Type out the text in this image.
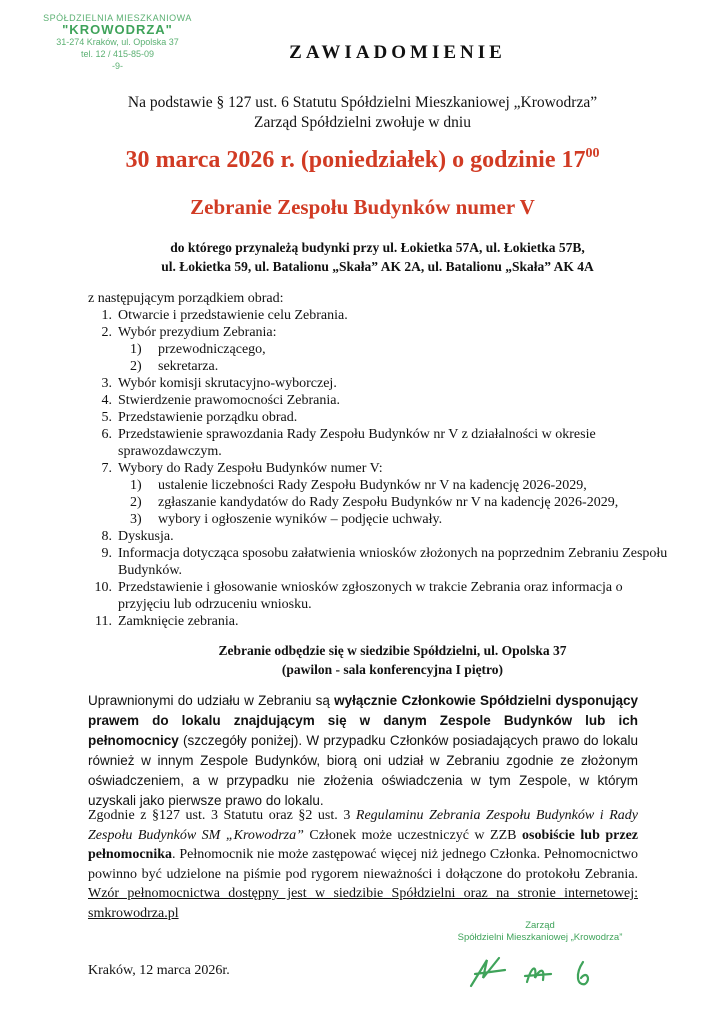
SPÓŁDZIELNIA MIESZKANIOWA
"KROWODRZA"
31-274 Kraków, ul. Opolska 37
tel. 12 / 415-85-09
-9-
ZAWIADOMIENIE
Na podstawie § 127 ust. 6 Statutu Spółdzielni Mieszkaniowej „Krowodrza”
Zarząd Spółdzielni zwołuje w dniu
30 marca 2026 r. (poniedziałek) o godzinie $17^{00}$
Zebranie Zespołu Budynków numer V
do którego przynależą budynki przy ul. Łokietka 57A, ul. Łokietka 57B,
ul. Łokietka 59, ul. Batalionu „Skała” AK 2A, ul. Batalionu „Skała” AK 4A
z następującym porządkiem obrad:
1. Otwarcie i przedstawienie celu Zebrania.
2. Wybór prezydium Zebrania:
1)	przewodniczącego,
2)	sekretarza.
3. Wybór komisji skrutacyjno-wyborczej.
4. Stwierdzenie prawomocności Zebrania.
5. Przedstawienie porządku obrad.
6. Przedstawienie sprawozdania Rady Zespołu Budynków nr V z działalności w okresie sprawozdawczym.
7. Wybory do Rady Zespołu Budynków numer V:
1)	ustalenie liczebności Rady Zespołu Budynków nr V na kadencję 2026-2029,
2)	zgłaszanie kandydatów do Rady Zespołu Budynków nr V na kadencję 2026-2029,
3)	wybory i ogłoszenie wyników – podjęcie uchwały.
8. Dyskusja.
9. Informacja dotycząca sposobu załatwienia wniosków złożonych na poprzednim Zebraniu Zespołu Budynków.
10. Przedstawienie i głosowanie wniosków zgłoszonych w trakcie Zebrania oraz informacja o przyjęciu lub odrzuceniu wniosku.
11. Zamknięcie zebrania.
Zebranie odbędzie się w siedzibie Spółdzielni, ul. Opolska 37
(pawilon - sala konferencyjna I piętro)
Uprawnionymi do udziału w Zebraniu są wyłącznie Członkowie Spółdzielni dysponujący prawem do lokalu znajdującym się w danym Zespole Budynków lub ich pełnomocnicy (szczegóły poniżej). W przypadku Członków posiadających prawo do lokalu również w innym Zespole Budynków, biorą oni udział w Zebraniu zgodnie ze złożonym oświadczeniem, a w przypadku nie złożenia oświadczenia w tym Zespole, w którym uzyskali jako pierwsze prawo do lokalu.
Zgodnie z §127 ust. 3 Statutu oraz §2 ust. 3 Regulaminu Zebrania Zespołu Budynków i Rady Zespołu Budynków SM „Krowodrza” Członek może uczestniczyć w ZZB osobiście lub przez pełnomocnika. Pełnomocnik nie może zastępować więcej niż jednego Członka. Pełnomocnictwo powinno być udzielone na piśmie pod rygorem nieważności i dołączone do protokołu Zebrania. Wzór pełnomocnictwa dostępny jest w siedzibie Spółdzielni oraz na stronie internetowej: smkrowodrza.pl
Zarząd
Spółdzielni Mieszkaniowej „Krowodrza”
Kraków, 12 marca 2026r.
